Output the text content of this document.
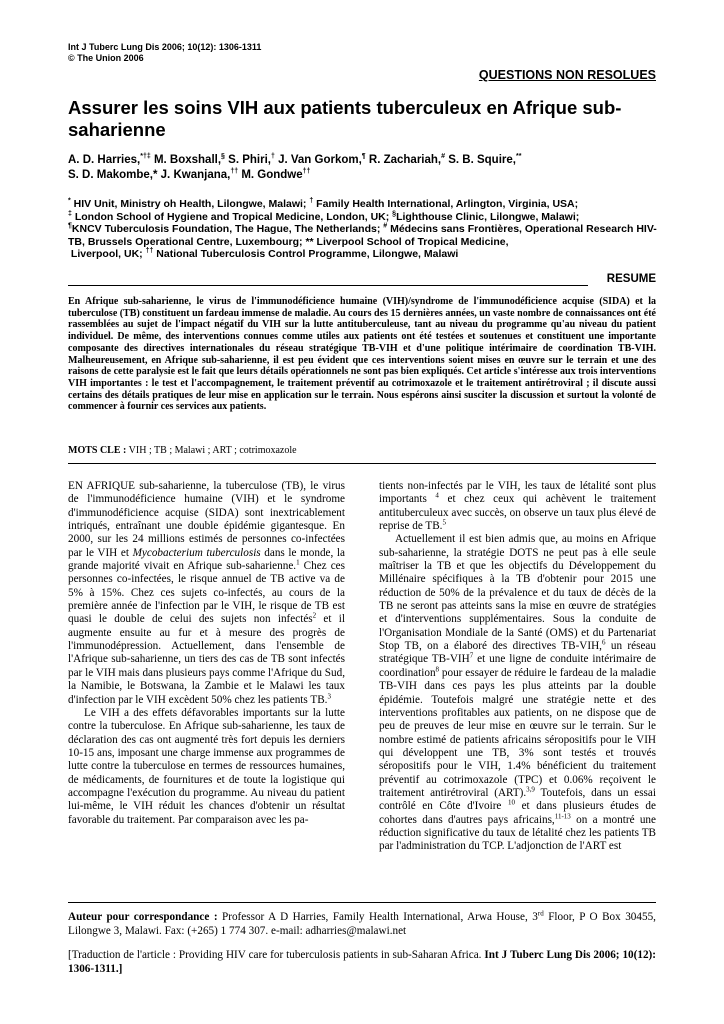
Int J Tuberc Lung Dis 2006; 10(12): 1306-1311
© The Union 2006
QUESTIONS NON RESOLUES
Assurer les soins VIH aux patients tuberculeux en Afrique sub-saharienne
A. D. Harries,*†‡ M. Boxshall,§ S. Phiri,† J. Van Gorkom,¶ R. Zachariah,# S. B. Squire,**
S. D. Makombe,* J. Kwanjana,†† M. Gondwe††
* HIV Unit, Ministry oh Health, Lilongwe, Malawi; † Family Health International, Arlington, Virginia, USA;
‡ London School of Hygiene and Tropical Medicine, London, UK; §Lighthouse Clinic, Lilongwe, Malawi;
¶KNCV Tuberculosis Foundation, The Hague, The Netherlands; # Médecins sans Frontières, Operational Research HIV-TB, Brussels Operational Centre, Luxembourg; ** Liverpool School of Tropical Medicine,
Liverpool, UK; †† National Tuberculosis Control Programme, Lilongwe, Malawi
RESUME
En Afrique sub-saharienne, le virus de l'immunodéficience humaine (VIH)/syndrome de l'immunodéficience acquise (SIDA) et la tuberculose (TB) constituent un fardeau immense de maladie. Au cours des 15 dernières années, un vaste nombre de connaissances ont été rassemblées au sujet de l'impact négatif du VIH sur la lutte antituberculeuse, tant au niveau du programme qu'au niveau du patient individuel. De même, des interventions connues comme utiles aux patients ont été testées et soutenues et constituent une importante composante des directives internationales du réseau stratégique TB-VIH et d'une politique intérimaire de coordination TB-VIH. Malheureusement, en Afrique sub-saharienne, il est peu évident que ces interventions soient mises en œuvre sur le terrain et une des raisons de cette paralysie est le fait que leurs détails opérationnels ne sont pas bien expliqués. Cet article s'intéresse aux trois interventions VIH importantes : le test et l'accompagnement, le traitement préventif au cotrimoxazole et le traitement antirétroviral ; il discute aussi certains des détails pratiques de leur mise en application sur le terrain. Nous espérons ainsi susciter la discussion et surtout la volonté de commencer à fournir ces services aux patients.
MOTS CLE : VIH ; TB ; Malawi ; ART ; cotrimoxazole

EN AFRIQUE sub-saharienne, la tuberculose (TB), le virus de l'immunodéficience humaine (VIH) et le syndrome d'immunodéficience acquise (SIDA) sont inextricablement intriqués, entraînant une double épidémie gigantesque. En 2000, sur les 24 millions estimés de personnes co-infectées par le VIH et Mycobacterium tuberculosis dans le monde, la grande majorité vivait en Afrique sub-saharienne.$^1$ Chez ces personnes co-infectées, le risque annuel de TB active va de 5% à 15%. Chez ces sujets co-infectés, au cours de la première année de l'infection par le VIH, le risque de TB est quasi le double de celui des sujets non infectés$^2$ et il augmente ensuite au fur et à mesure des progrès de l'immunodépression. Actuellement, dans l'ensemble de l'Afrique sub-saharienne, un tiers des cas de TB sont infectés par le VIH mais dans plusieurs pays comme l'Afrique du Sud, la Namibie, le Botswana, la Zambie et le Malawi les taux d'infection par le VIH excèdent 50% chez les patients TB.$^3$

Le VIH a des effets défavorables importants sur la lutte contre la tuberculose. En Afrique sub-saharienne, les taux de déclaration des cas ont augmenté très fort depuis les derniers 10-15 ans, imposant une charge immense aux programmes de lutte contre la tuberculose en termes de ressources humaines, de médicaments, de fournitures et de toute la logistique qui accompagne l'exécution du programme. Au niveau du patient lui-même, le VIH réduit les chances d'obtenir un résultat favorable du traitement. Par comparaison avec les pa-

tients non-infectés par le VIH, les taux de létalité sont plus importants $^4$ et chez ceux qui achèvent le traitement antituberculeux avec succès, on observe un taux plus élevé de reprise de TB.$^5$

Actuellement il est bien admis que, au moins en Afrique sub-saharienne, la stratégie DOTS ne peut pas à elle seule maîtriser la TB et que les objectifs du Développement du Millénaire spécifiques à la TB d'obtenir pour 2015 une réduction de 50% de la prévalence et du taux de décès de la TB ne seront pas atteints sans la mise en œuvre de stratégies et d'interventions supplémentaires. Sous la conduite de l'Organisation Mondiale de la Santé (OMS) et du Partenariat Stop TB, on a élaboré des directives TB-VIH,$^6$ un réseau stratégique TB-VIH$^7$ et une ligne de conduite intérimaire de coordination$^8$ pour essayer de réduire le fardeau de la maladie TB-VIH dans ces pays les plus atteints par la double épidémie. Toutefois malgré une stratégie nette et des interventions profitables aux patients, on ne dispose que de peu de preuves de leur mise en œuvre sur le terrain. Sur le nombre estimé de patients africains séropositifs pour le VIH qui développent une TB, 3% sont testés et trouvés séropositifs pour le VIH, 1.4% bénéficient du traitement préventif au cotrimoxazole (TPC) et 0.06% reçoivent le traitement antirétroviral (ART).$^{3,9}$ Toutefois, dans un essai contrôlé en Côte d'Ivoire $^{10}$ et dans plusieurs études de cohortes dans d'autres pays africains,$^{11-13}$ on a montré une réduction significative du taux de létalité chez les patients TB par l'administration du TCP. L'adjonction de l'ART est

Auteur pour correspondance : Professor A D Harries, Family Health International, Arwa House, 3rd Floor, P O Box 30455, Lilongwe 3, Malawi. Fax: (+265) 1 774 307. e-mail: adharries@malawi.net
[Traduction de l'article : Providing HIV care for tuberculosis patients in sub-Saharan Africa. Int J Tuberc Lung Dis 2006; 10(12): 1306-1311.]
